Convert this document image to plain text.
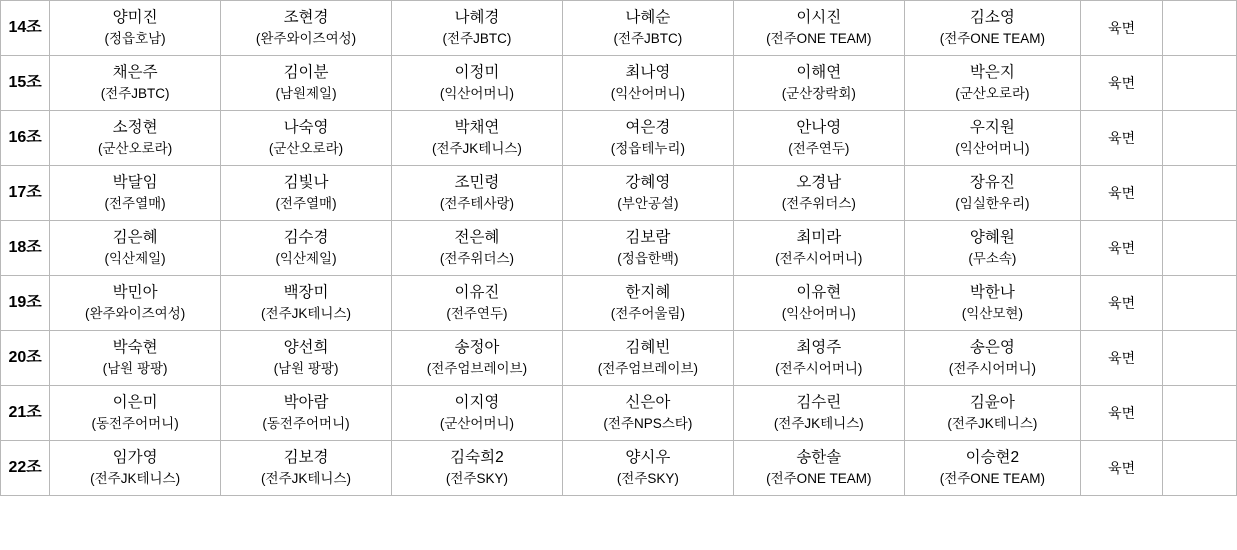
14조	
양미진
(정읍호남)

조현경
(완주와이즈여성)

나혜경
(전주JBTC)

나혜순
(전주JBTC)

이시진
(전주ONE TEAM)

김소영
(전주ONE TEAM)
	육면	
15조	
채은주
(전주JBTC)

김이분
(남원제일)

이정미
(익산어머니)

최나영
(익산어머니)

이해연
(군산장락회)

박은지
(군산오로라)
	육면	
16조	
소정현
(군산오로라)

나숙영
(군산오로라)

박채연
(전주JK테니스)

여은경
(정읍테누리)

안나영
(전주연두)

우지원
(익산어머니)
	육면	
17조	
박달임
(전주열매)

김빛나
(전주열매)

조민령
(전주테사랑)

강혜영
(부안공설)

오경남
(전주위더스)

장유진
(임실한우리)
	육면	
18조	
김은혜
(익산제일)

김수경
(익산제일)

전은혜
(전주위더스)

김보람
(정읍한백)

최미라
(전주시어머니)

양혜원
(무소속)
	육면	
19조	
박민아
(완주와이즈여성)

백장미
(전주JK테니스)

이유진
(전주연두)

한지혜
(전주어울림)

이유현
(익산어머니)

박한나
(익산모현)
	육면	
20조	
박숙현
(남원 팡팡)

양선희
(남원 팡팡)

송정아
(전주엄브레이브)

김혜빈
(전주엄브레이브)

최영주
(전주시어머니)

송은영
(전주시어머니)
	육면	
21조	
이은미
(동전주어머니)

박아람
(동전주어머니)

이지영
(군산어머니)

신은아
(전주NPS스타)

김수린
(전주JK테니스)

김윤아
(전주JK테니스)
	육면	
22조	
임가영
(전주JK테니스)

김보경
(전주JK테니스)

김숙희2
(전주SKY)

양시우
(전주SKY)

송한솔
(전주ONE TEAM)

이승현2
(전주ONE TEAM)
	육면	
